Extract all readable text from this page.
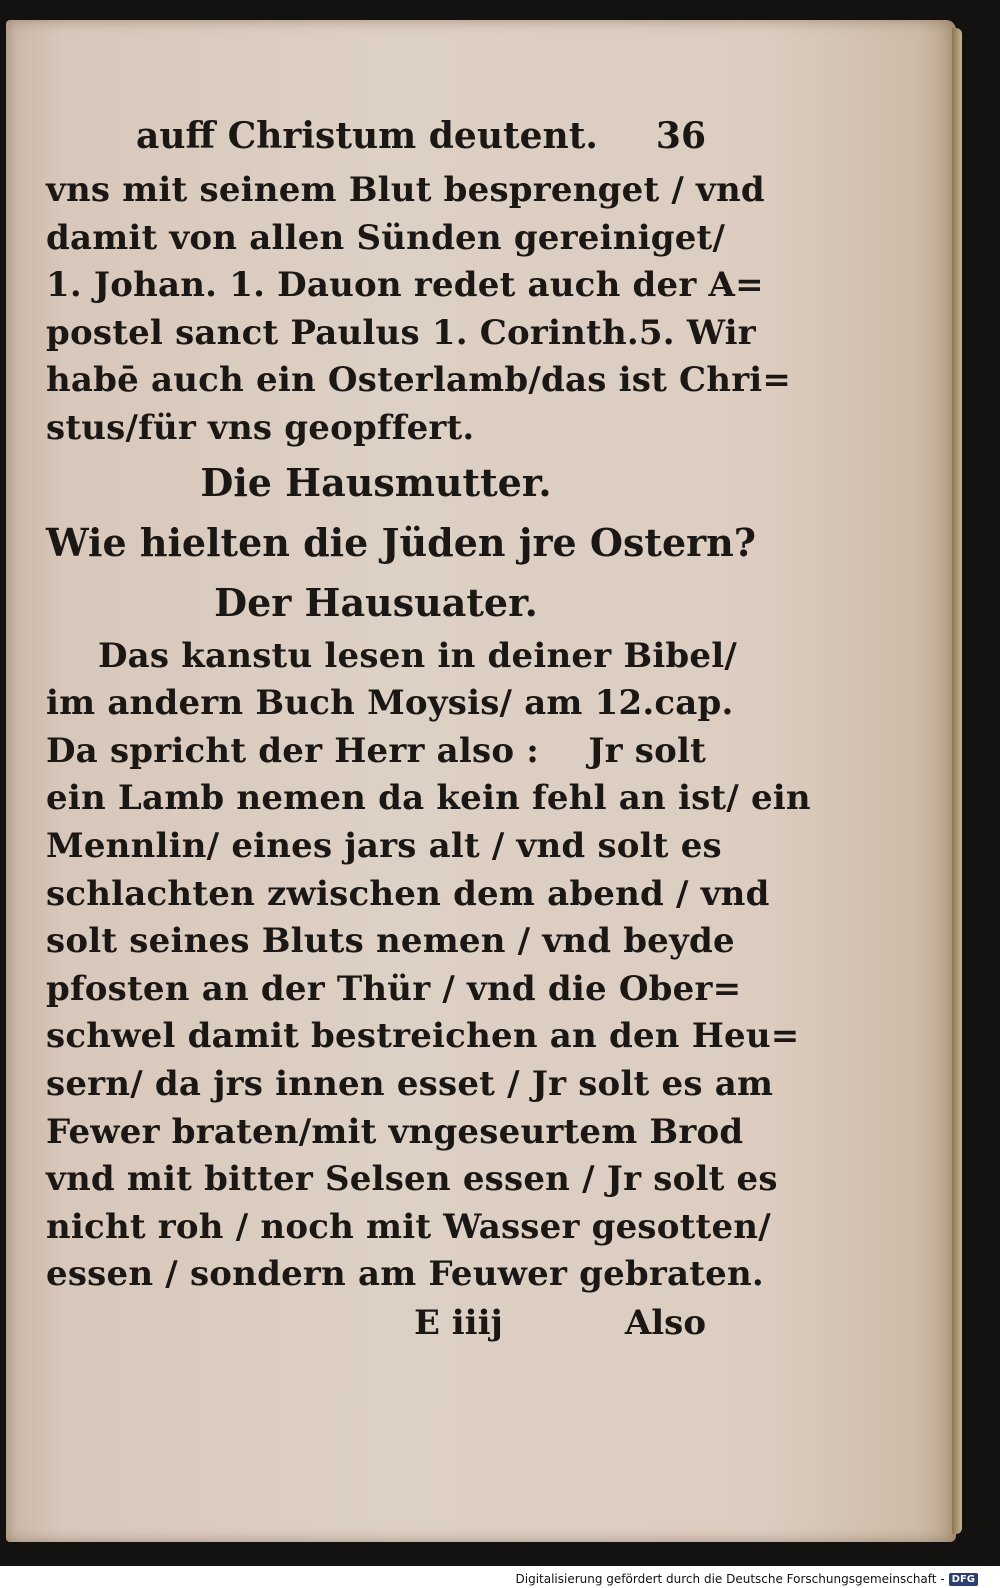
auff Christum deutent. 36
vns mit seinem Blut besprenget / vnd
damit von allen Sünden gereiniget/
1. Johan. 1. Dauon redet auch der A=
postel sanct Paulus 1. Corinth.5. Wir
habē auch ein Osterlamb/das ist Chri=
stus/für vns geopffert.
Die Hausmutter.
Wie hielten die Jüden jre Ostern?
Der Hausuater.
Das kanstu lesen in deiner Bibel/
im andern Buch Moysis/ am 12.cap.
Da spricht der Herr also : Jr solt
ein Lamb nemen da kein fehl an ist/ ein
Mennlin/ eines jars alt / vnd solt es
schlachten zwischen dem abend / vnd
solt seines Bluts nemen / vnd beyde
pfosten an der Thür / vnd die Ober=
schwel damit bestreichen an den Heu=
sern/ da jrs innen esset / Jr solt es am
Fewer braten/mit vngeseurtem Brod
vnd mit bitter Selsen essen / Jr solt es
nicht roh / noch mit Wasser gesotten/
essen / sondern am Feuwer gebraten.
E iiij	Also
Digitalisierung gefördert durch die Deutsche Forschungsgemeinschaft - DFG
